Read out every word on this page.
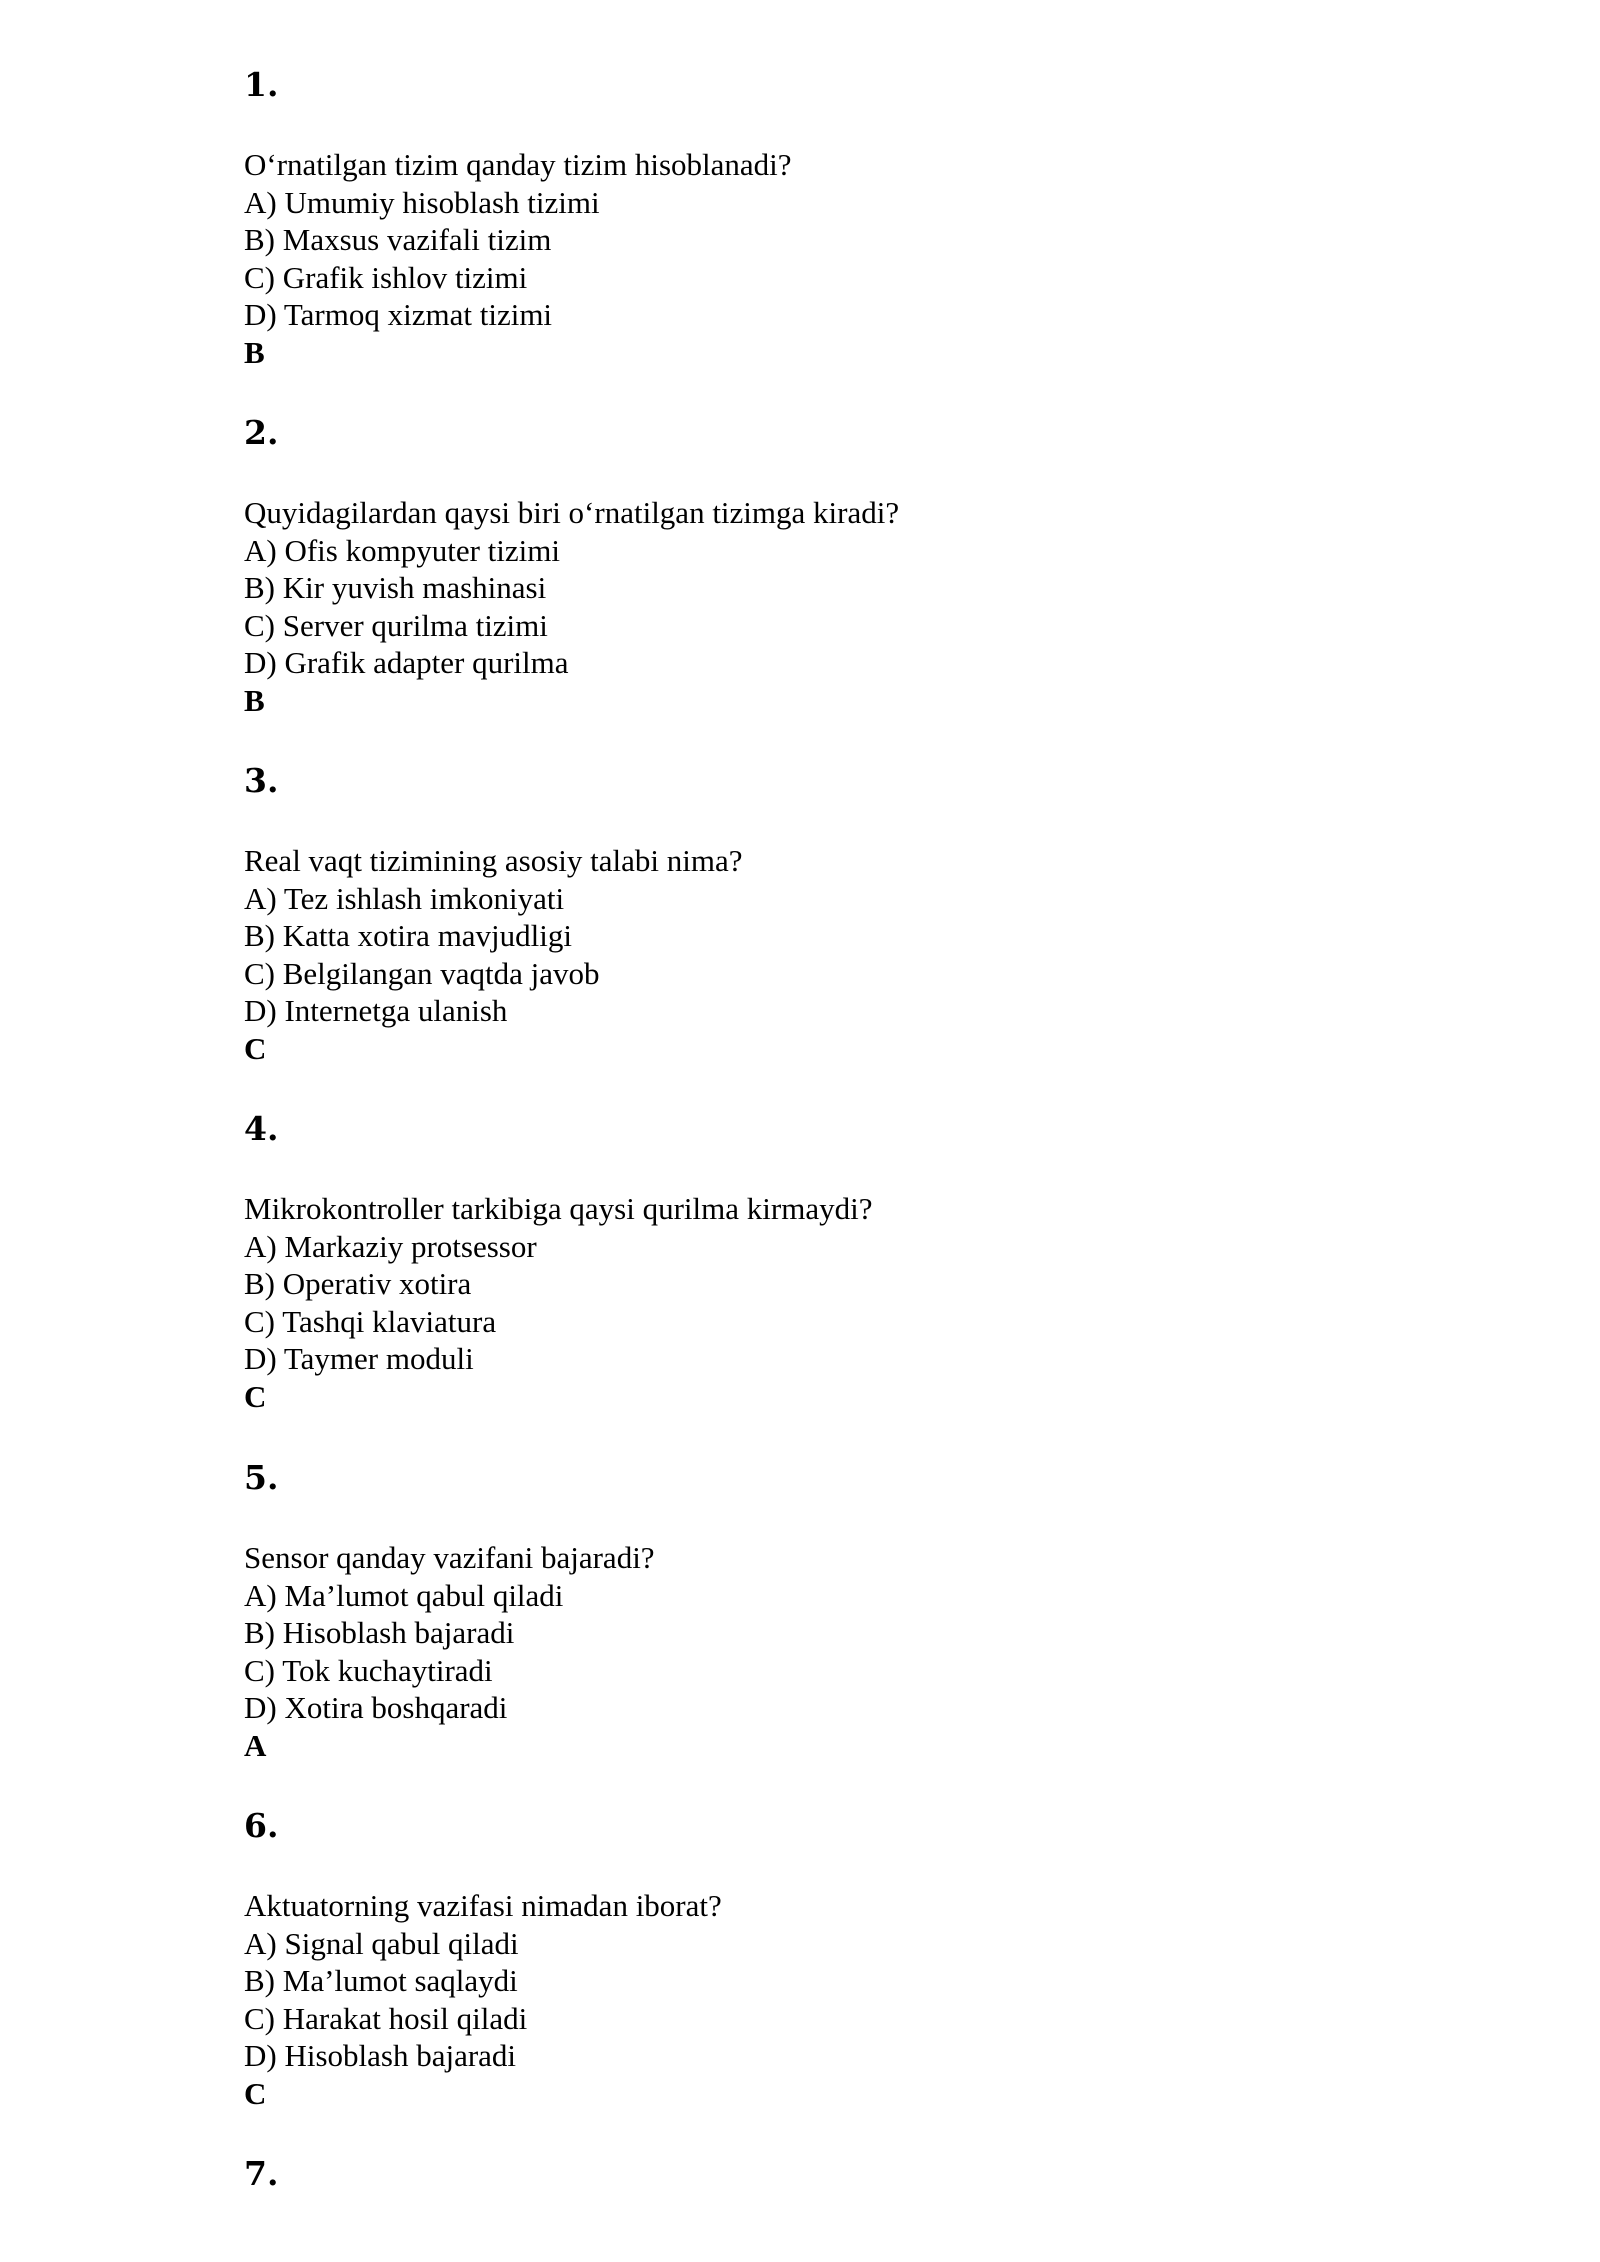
1.
O‘rnatilgan tizim qanday tizim hisoblanadi?
A) Umumiy hisoblash tizimi
B) Maxsus vazifali tizim
C) Grafik ishlov tizimi
D) Tarmoq xizmat tizimi
B
2.
Quyidagilardan qaysi biri o‘rnatilgan tizimga kiradi?
A) Ofis kompyuter tizimi
B) Kir yuvish mashinasi
C) Server qurilma tizimi
D) Grafik adapter qurilma
B
3.
Real vaqt tizimining asosiy talabi nima?
A) Tez ishlash imkoniyati
B) Katta xotira mavjudligi
C) Belgilangan vaqtda javob
D) Internetga ulanish
C
4.
Mikrokontroller tarkibiga qaysi qurilma kirmaydi?
A) Markaziy protsessor
B) Operativ xotira
C) Tashqi klaviatura
D) Taymer moduli
C
5.
Sensor qanday vazifani bajaradi?
A) Ma’lumot qabul qiladi
B) Hisoblash bajaradi
C) Tok kuchaytiradi
D) Xotira boshqaradi
A
6.
Aktuatorning vazifasi nimadan iborat?
A) Signal qabul qiladi
B) Ma’lumot saqlaydi
C) Harakat hosil qiladi
D) Hisoblash bajaradi
C
7.
